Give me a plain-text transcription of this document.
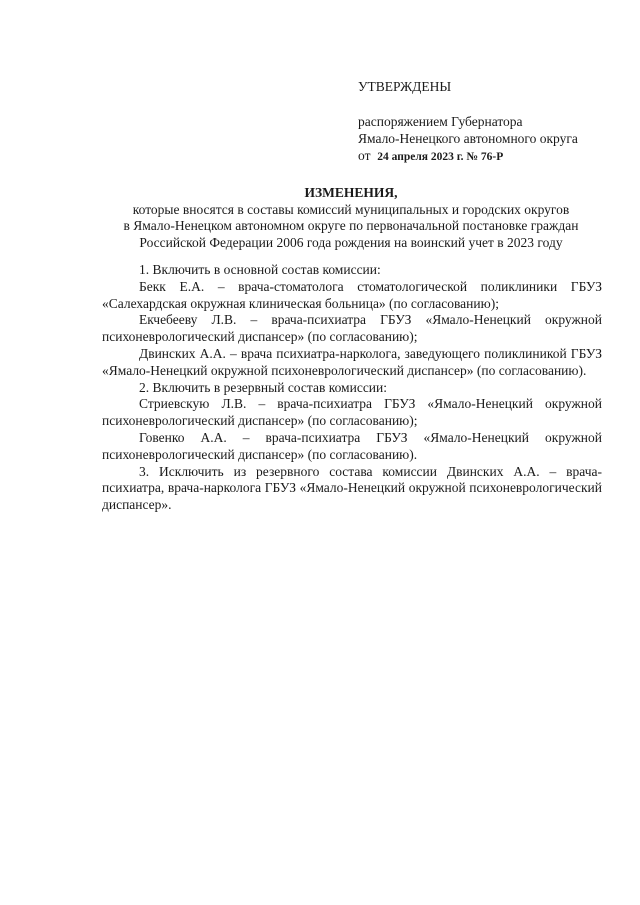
УТВЕРЖДЕНЫ

распоряжением Губернатора

Ямало-Ненецкого автономного округа

от 24 апреля 2023 г. № 76-Р

ИЗМЕНЕНИЯ,

которые вносятся в составы комиссий муниципальных и городских округов

в Ямало-Ненецком автономном округе по первоначальной постановке граждан

Российской Федерации 2006 года рождения на воинский учет в 2023 году

1. Включить в основной состав комиссии:

Бекк Е.А. – врача-стоматолога стоматологической поликлиники ГБУЗ «Салехардская окружная клиническая больница» (по согласованию);

Екчебееву Л.В. – врача-психиатра ГБУЗ «Ямало-Ненецкий окружной психоневрологический диспансер» (по согласованию);

Двинских А.А. – врача психиатра-нарколога, заведующего поликлиникой ГБУЗ «Ямало-Ненецкий окружной психоневрологический диспансер» (по согласованию).

2. Включить в резервный состав комиссии:

Стриевскую Л.В. – врача-психиатра ГБУЗ «Ямало-Ненецкий окружной психоневрологический диспансер» (по согласованию);

Говенко А.А. – врача-психиатра ГБУЗ «Ямало-Ненецкий окружной психоневрологический диспансер» (по согласованию).

3. Исключить из резервного состава комиссии Двинских А.А. – врача-психиатра, врача-нарколога ГБУЗ «Ямало-Ненецкий окружной психоневрологический диспансер».
